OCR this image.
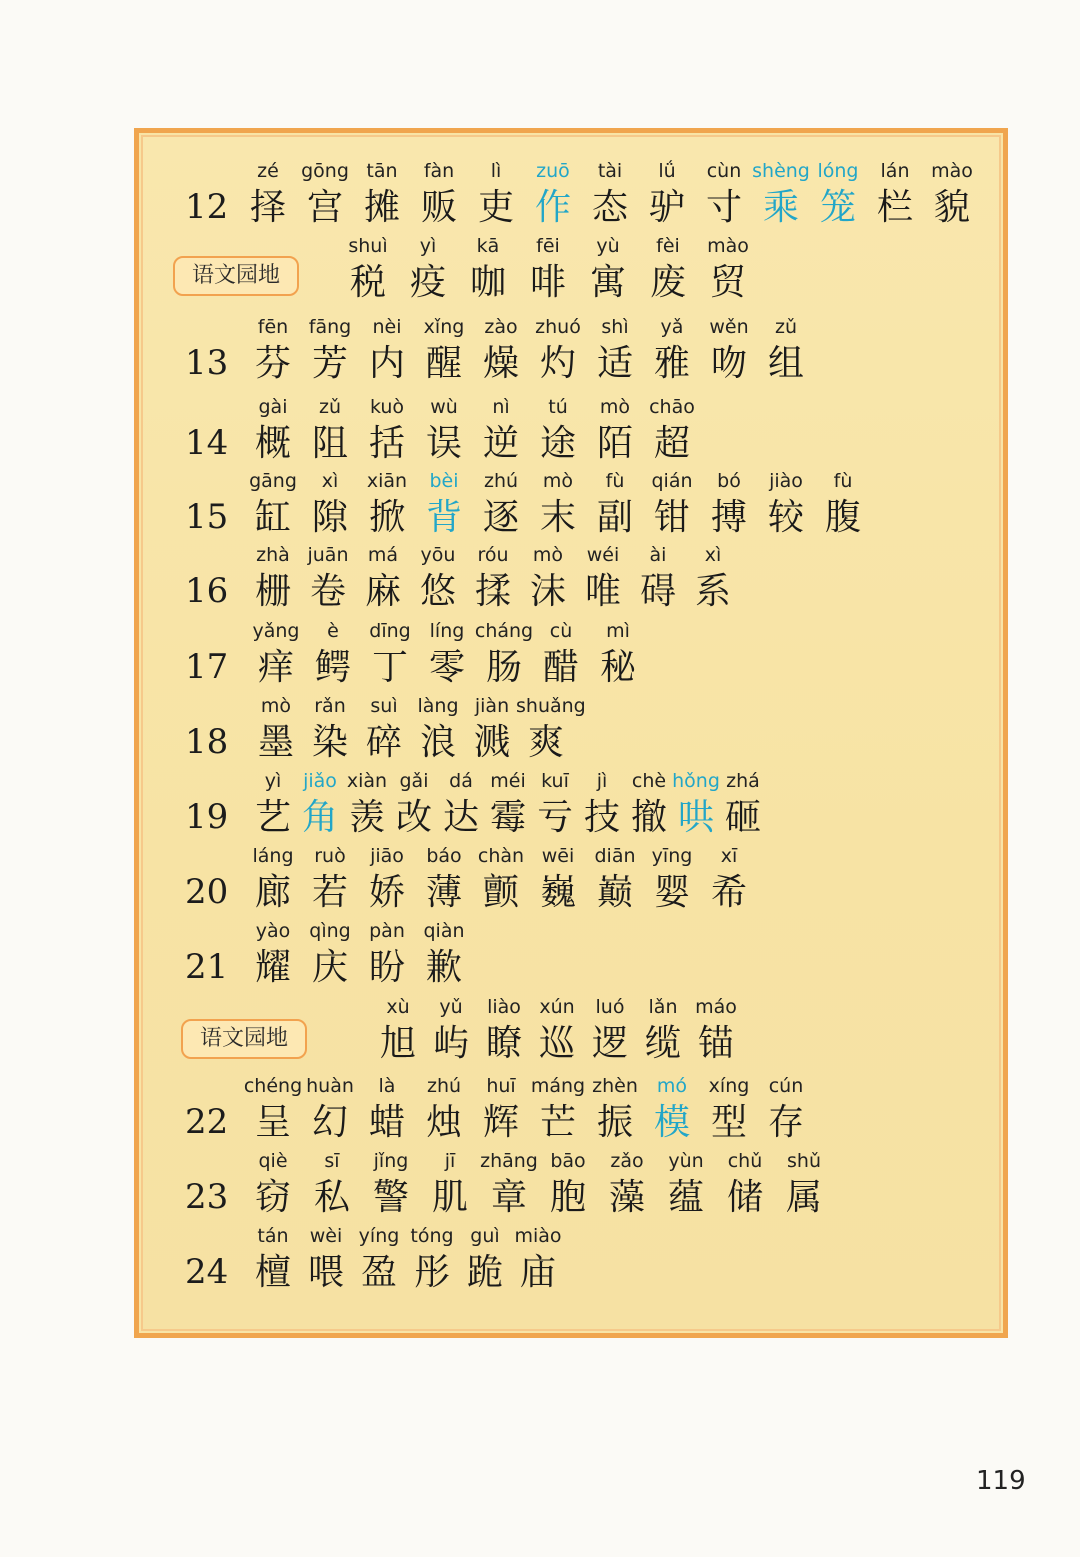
12
zé
择
gōng
宫
tān
摊
fàn
贩
lì
吏
zuō
作
tài
态
lǘ
驴
cùn
寸
shèng
乘
lóng
笼
lán
栏
mào
貌
语文园地
shuì
税
yì
疫
kā
咖
fēi
啡
yù
寓
fèi
废
mào
贸
13
fēn
芬
fāng
芳
nèi
内
xǐng
醒
zào
燥
zhuó
灼
shì
适
yǎ
雅
wěn
吻
zǔ
组
14
gài
概
zǔ
阻
kuò
括
wù
误
nì
逆
tú
途
mò
陌
chāo
超
15
gāng
缸
xì
隙
xiān
掀
bèi
背
zhú
逐
mò
末
fù
副
qián
钳
bó
搏
jiào
较
fù
腹
16
zhà
栅
juān
卷
má
麻
yōu
悠
róu
揉
mò
沫
wéi
唯
ài
碍
xì
系
17
yǎng
痒
è
鳄
dīng
丁
líng
零
cháng
肠
cù
醋
mì
秘
18
mò
墨
rǎn
染
suì
碎
làng
浪
jiàn
溅
shuǎng
爽
19
yì
艺
jiǎo
角
xiàn
羡
gǎi
改
dá
达
méi
霉
kuī
亏
jì
技
chè
撤
hǒng
哄
zhá
砸
20
láng
廊
ruò
若
jiāo
娇
báo
薄
chàn
颤
wēi
巍
diān
巅
yīng
婴
xī
希
21
yào
耀
qìng
庆
pàn
盼
qiàn
歉
语文园地
xù
旭
yǔ
屿
liào
瞭
xún
巡
luó
逻
lǎn
缆
máo
锚
22
chéng
呈
huàn
幻
là
蜡
zhú
烛
huī
辉
máng
芒
zhèn
振
mó
模
xíng
型
cún
存
23
qiè
窃
sī
私
jǐng
警
jī
肌
zhāng
章
bāo
胞
zǎo
藻
yùn
蕴
chǔ
储
shǔ
属
24
tán
檀
wèi
喂
yíng
盈
tóng
彤
guì
跪
miào
庙
119
